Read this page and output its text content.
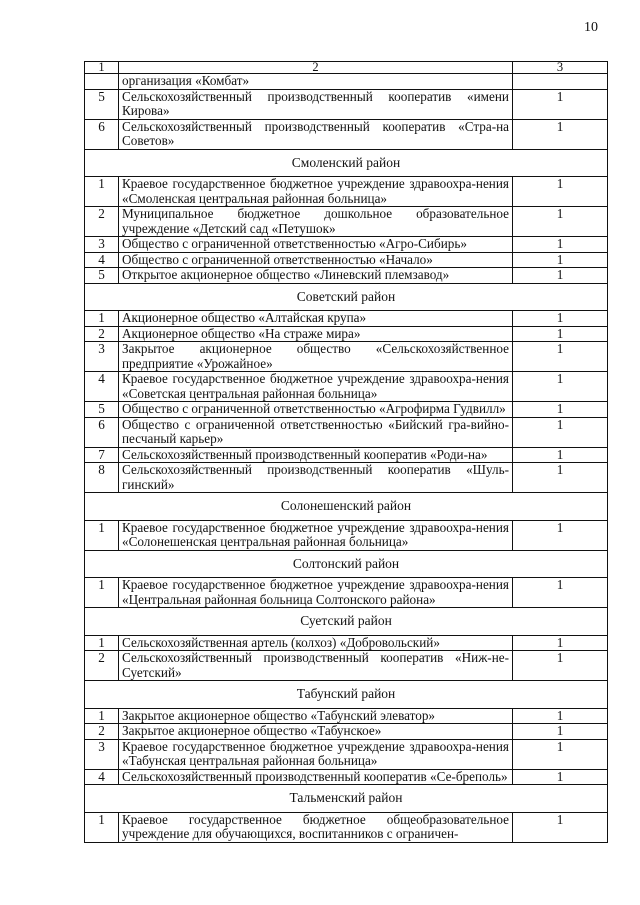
10
1	2	3
	организация «Комбат»	
5	Сельскохозяйственный производственный кооператив «имени Кирова»	1
6	Сельскохозяйственный производственный кооператив «Стра-на Советов»	1
Смоленский район		
1	Краевое государственное бюджетное учреждение здравоохра-нения «Смоленская центральная районная больница»	1
2	Муниципальное бюджетное дошкольное образовательное учреждение «Детский сад «Петушок»	1
3	Общество с ограниченной ответственностью «Агро-Сибирь»	1
4	Общество с ограниченной ответственностью «Начало»	1
5	Открытое акционерное общество «Линевский племзавод»	1
Советский район		
1	Акционерное общество «Алтайская крупа»	1
2	Акционерное общество «На страже мира»	1
3	Закрытое акционерное общество «Сельскохозяйственное предприятие «Урожайное»	1
4	Краевое государственное бюджетное учреждение здравоохра-нения «Советская центральная районная больница»	1
5	Общество с ограниченной ответственностью «Агрофирма Гудвилл»	1
6	Общество с ограниченной ответственностью «Бийский гра-вийно-песчаный карьер»	1
7	Сельскохозяйственный производственный кооператив «Роди-на»	1
8	Сельскохозяйственный производственный кооператив «Шуль-гинский»	1
Солонешенский район		
1	Краевое государственное бюджетное учреждение здравоохра-нения «Солонешенская центральная районная больница»	1
Солтонский район		
1	Краевое государственное бюджетное учреждение здравоохра-нения «Центральная районная больница Солтонского района»	1
Суетский район		
1	Сельскохозяйственная артель (колхоз) «Добровольский»	1
2	Сельскохозяйственный производственный кооператив «Ниж-не-Суетский»	1
Табунский район		
1	Закрытое акционерное общество «Табунский элеватор»	1
2	Закрытое акционерное общество «Табунское»	1
3	Краевое государственное бюджетное учреждение здравоохра-нения «Табунская центральная районная больница»	1
4	Сельскохозяйственный производственный кооператив «Се-бреполь»	1
Тальменский район		
1	Краевое государственное бюджетное общеобразовательное учреждение для обучающихся, воспитанников с ограничен-	1
